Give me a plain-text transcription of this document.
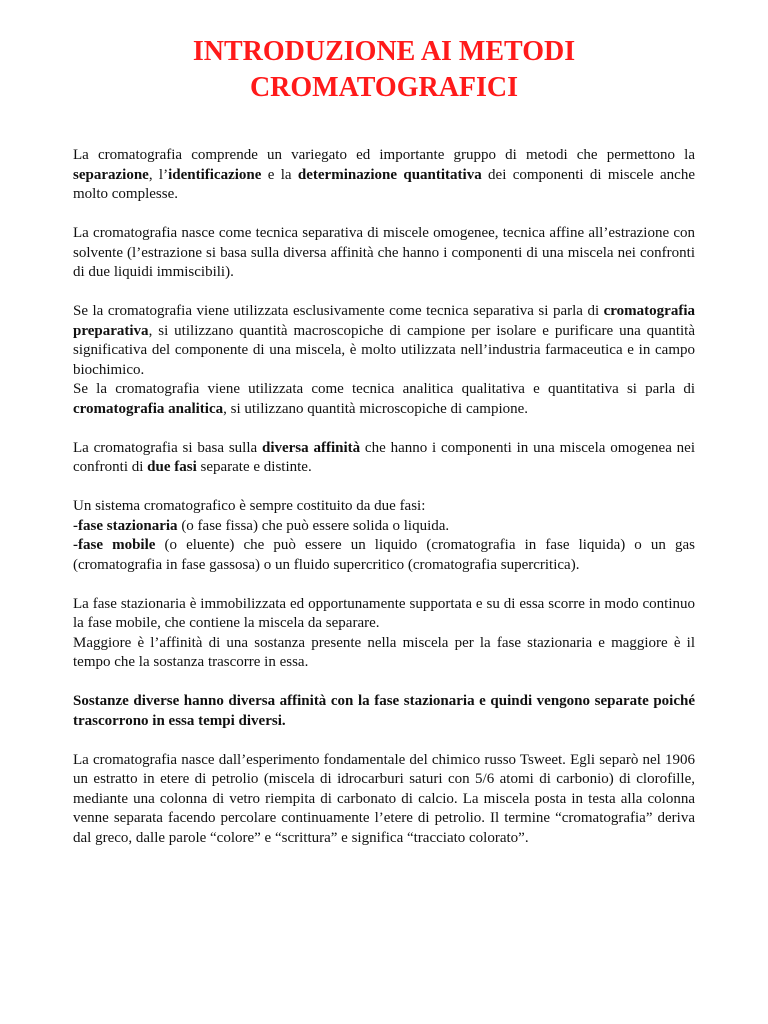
INTRODUZIONE AI METODI
CROMATOGRAFICI

La cromatografia comprende un variegato ed importante gruppo di metodi che permettono la separazione, l’identificazione e la determinazione quantitativa dei componenti di miscele anche molto complesse.

La cromatografia nasce come tecnica separativa di miscele omogenee, tecnica affine all’estrazione con solvente (l’estrazione si basa sulla diversa affinità che hanno i componenti di una miscela nei confronti di due liquidi immiscibili).

Se la cromatografia viene utilizzata esclusivamente come tecnica separativa si parla di cromatografia preparativa, si utilizzano quantità macroscopiche di campione per isolare e purificare una quantità significativa del componente di una miscela, è molto utilizzata nell’industria farmaceutica e in campo biochimico.

Se la cromatografia viene utilizzata come tecnica analitica qualitativa e quantitativa si parla di cromatografia analitica, si utilizzano quantità microscopiche di campione.

La cromatografia si basa sulla diversa affinità che hanno i componenti in una miscela omogenea nei confronti di due fasi separate e distinte.

Un sistema cromatografico è sempre costituito da due fasi:
-fase stazionaria (o fase fissa) che può essere solida o liquida.
-fase mobile (o eluente) che può essere un liquido (cromatografia in fase liquida) o un gas
(cromatografia in fase gassosa) o un fluido supercritico (cromatografia supercritica).

La fase stazionaria è immobilizzata ed opportunamente supportata e su di essa scorre in modo continuo la fase mobile, che contiene la miscela da separare.

Maggiore è l’affinità di una sostanza presente nella miscela per la fase stazionaria e maggiore è il tempo che la sostanza trascorre in essa.

Sostanze diverse hanno diversa affinità con la fase stazionaria e quindi vengono separate poiché trascorrono in essa tempi diversi.

La cromatografia nasce dall’esperimento fondamentale del chimico russo Tsweet. Egli separò nel 1906 un estratto in etere di petrolio (miscela di idrocarburi saturi con 5/6 atomi di carbonio) di clorofille, mediante una colonna di vetro riempita di carbonato di calcio. La miscela posta in testa alla colonna venne separata facendo percolare continuamente l’etere di petrolio. Il termine “cromatografia” deriva dal greco, dalle parole “colore” e “scrittura” e significa “tracciato colorato”.
